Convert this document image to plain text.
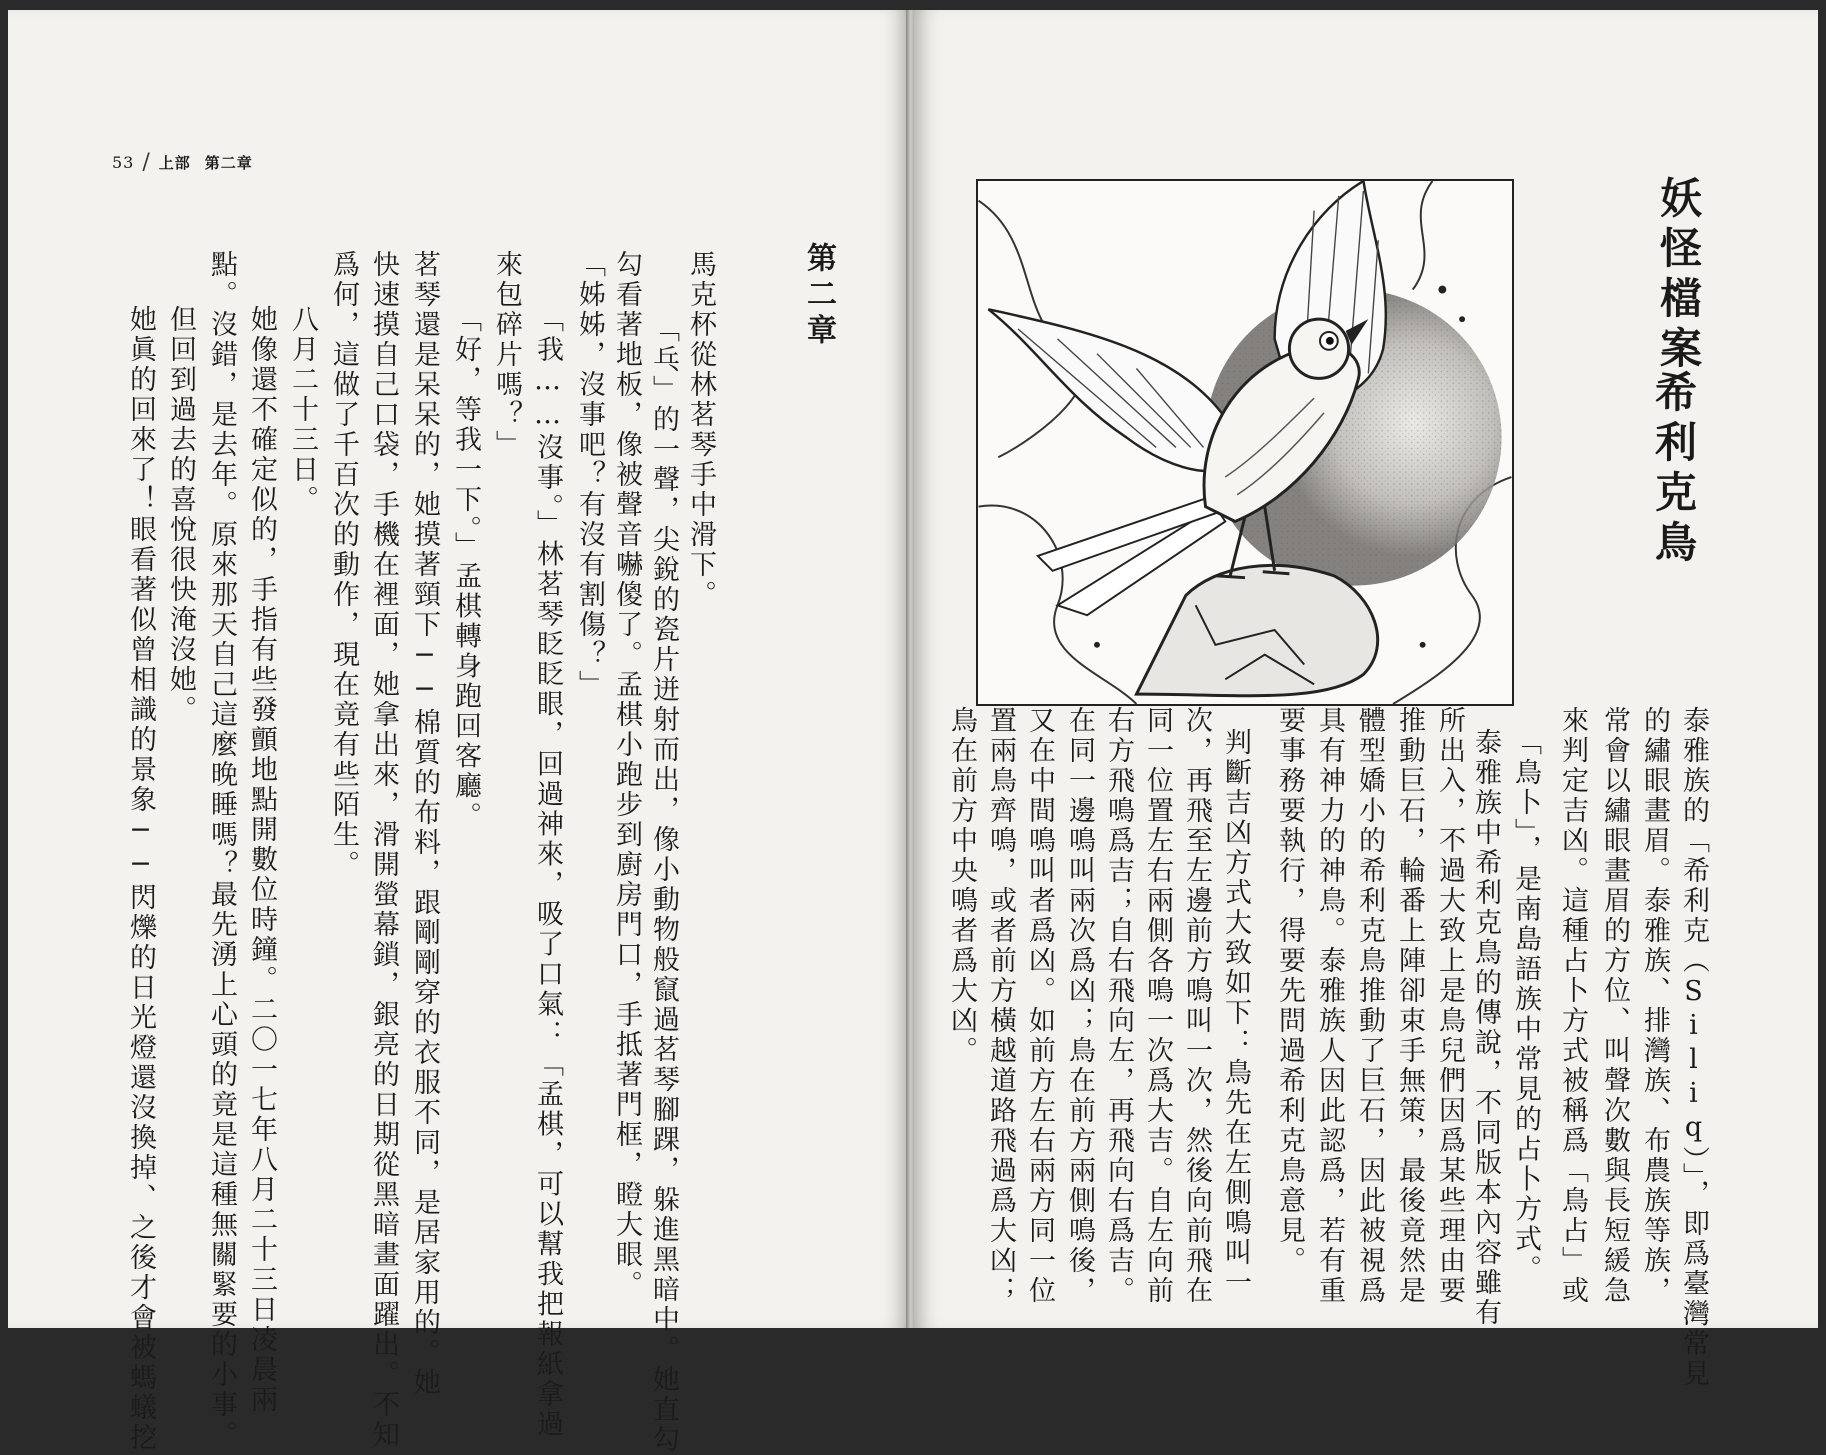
53 / 上部 第二章
第二章
馬克杯從林茗琴手中滑下。
「乓」的一聲，尖銳的瓷片迸射而出，像小動物般竄過茗琴腳踝，躲進黑暗中。她直勾
勾看著地板，像被聲音嚇傻了。孟棋小跑步到廚房門口，手抵著門框，瞪大眼。
「姊姊，沒事吧？有沒有割傷？」
「我……沒事。」林茗琴眨眨眼，回過神來，吸了口氣：「孟棋，可以幫我把報紙拿過
來包碎片嗎？」
「好，等我一下。」孟棋轉身跑回客廳。
茗琴還是呆呆的，她摸著頸下──棉質的布料，跟剛剛穿的衣服不同，是居家用的。她
快速摸自己口袋，手機在裡面，她拿出來，滑開螢幕鎖，銀亮的日期從黑暗畫面躍出。不知
爲何，這做了千百次的動作，現在竟有些陌生。
八月二十三日。
她像還不確定似的，手指有些發顫地點開數位時鐘。二〇一七年八月二十三日凌晨兩
點。沒錯，是去年。原來那天自己這麼晚睡嗎？最先湧上心頭的竟是這種無關緊要的小事。
但回到過去的喜悅很快淹沒她。
她眞的回來了！眼看著似曾相識的景象──閃爍的日光燈還沒換掉、之後才會被螞蟻挖
妖怪檔案
希利克鳥
泰雅族的「希利克（Siliq）」，即爲臺灣常見
的繡眼畫眉。泰雅族、排灣族、布農族等族，
常會以繡眼畫眉的方位、叫聲次數與長短緩急
來判定吉凶。這種占卜方式被稱爲「鳥占」或
「鳥卜」，是南島語族中常見的占卜方式。
泰雅族中希利克鳥的傳說，不同版本內容雖有
所出入，不過大致上是鳥兒們因爲某些理由要
推動巨石，輪番上陣卻束手無策，最後竟然是
體型嬌小的希利克鳥推動了巨石，因此被視爲
具有神力的神鳥。泰雅族人因此認爲，若有重
要事務要執行，得要先問過希利克鳥意見。
判斷吉凶方式大致如下：鳥先在左側鳴叫一
次，再飛至左邊前方鳴叫一次，然後向前飛在
同一位置左右兩側各鳴一次爲大吉。自左向前
右方飛鳴爲吉；自右飛向左，再飛向右爲吉。
在同一邊鳴叫兩次爲凶；鳥在前方兩側鳴後，
又在中間鳴叫者爲凶。如前方左右兩方同一位
置兩鳥齊鳴，或者前方橫越道路飛過爲大凶；
鳥在前方中央鳴者爲大凶。
